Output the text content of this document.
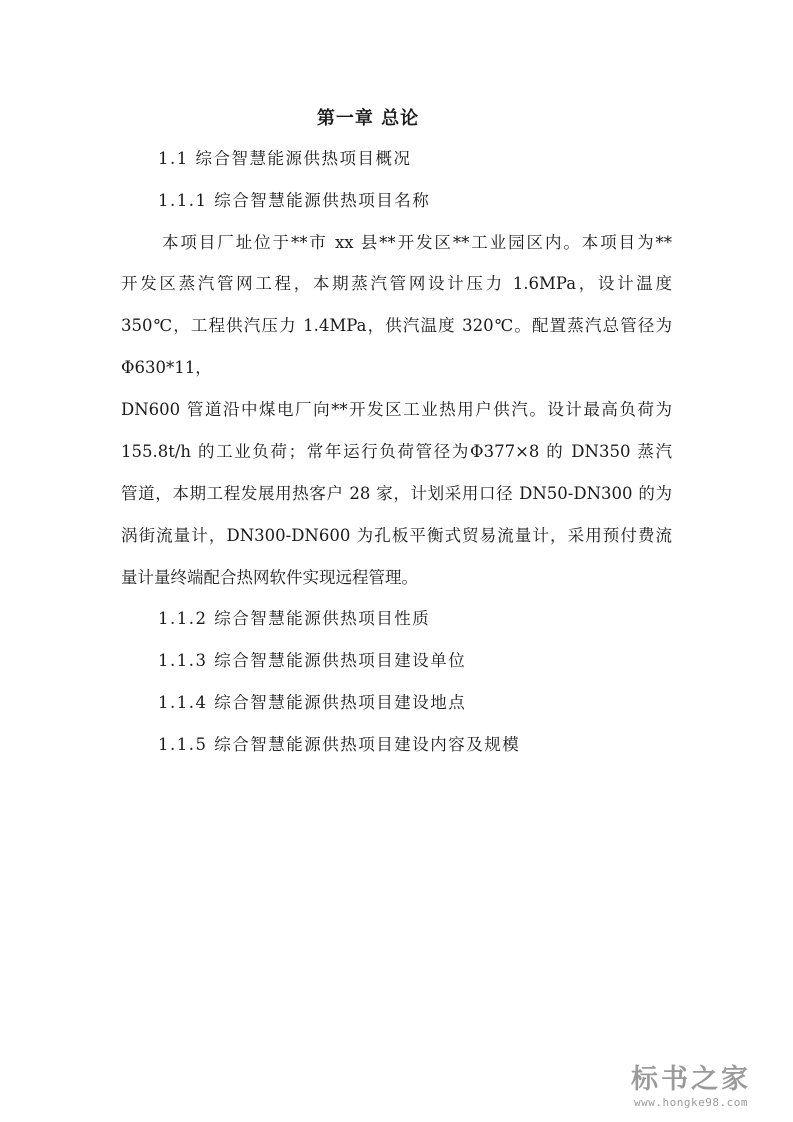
第一章 总论
1.1 综合智慧能源供热项目概况
1.1.1 综合智慧能源供热项目名称
本项目厂址位于**市 xx 县**开发区**工业园区内。本项目为**
开发区蒸汽管网工程，本期蒸汽管网设计压力 1.6MPa，设计温度
350℃，工程供汽压力 1.4MPa，供汽温度 320℃。配置蒸汽总管径为
Φ630*11，
DN600 管道沿中煤电厂向**开发区工业热用户供汽。设计最高负荷为
155.8t/h 的工业负荷；常年运行负荷管径为Φ377×8 的 DN350 蒸汽
管道，本期工程发展用热客户 28 家，计划采用口径 DN50-DN300 的为
涡街流量计，DN300-DN600 为孔板平衡式贸易流量计，采用预付费流
量计量终端配合热网软件实现远程管理。
1.1.2 综合智慧能源供热项目性质
1.1.3 综合智慧能源供热项目建设单位
1.1.4 综合智慧能源供热项目建设地点
1.1.5 综合智慧能源供热项目建设内容及规模
标书之家
www.hongke98.com
